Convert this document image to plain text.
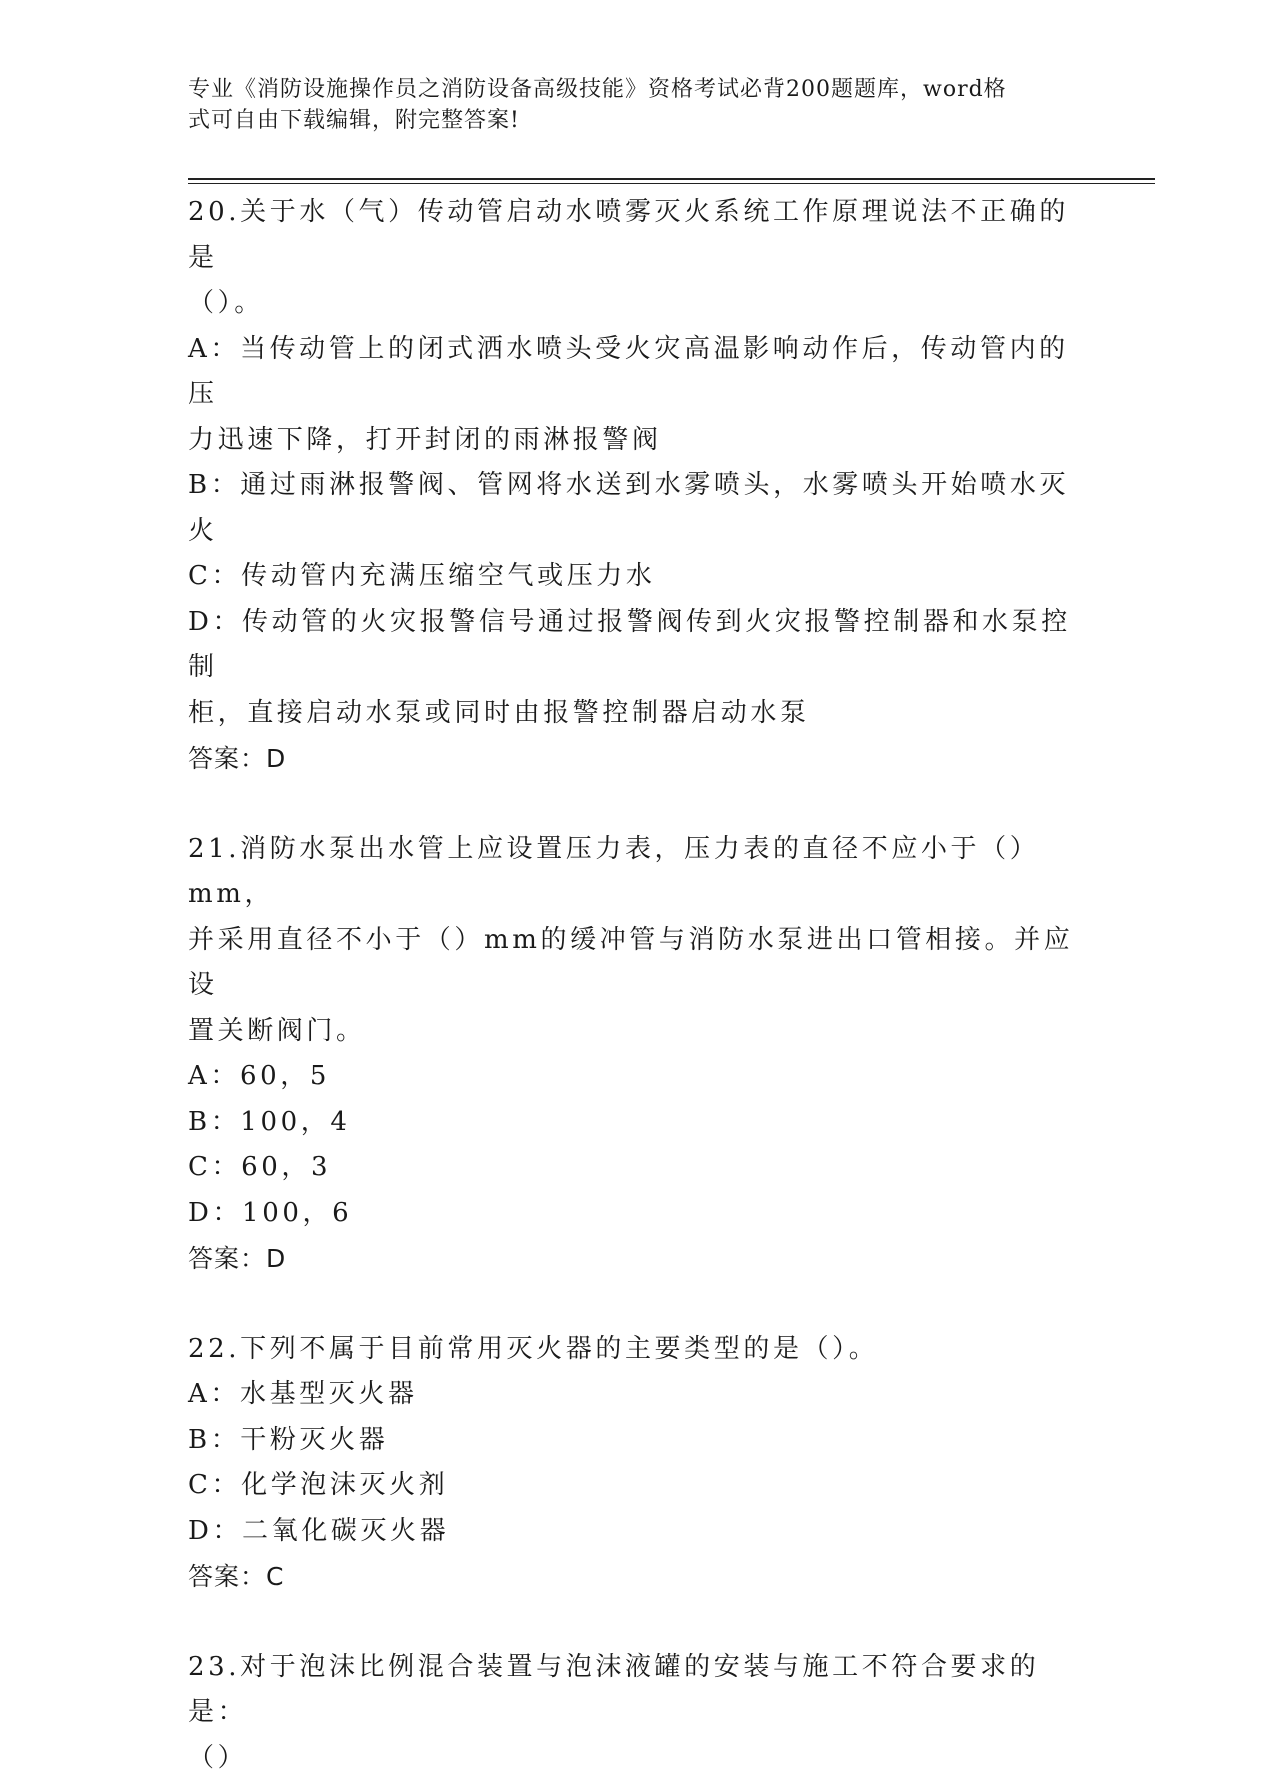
专业《消防设施操作员之消防设备高级技能》资格考试必背200题题库，word格
式可自由下载编辑，附完整答案!
20.关于水（气）传动管启动水喷雾灭火系统工作原理说法不正确的是
（）。
A：当传动管上的闭式洒水喷头受火灾高温影响动作后，传动管内的压
力迅速下降，打开封闭的雨淋报警阀
B：通过雨淋报警阀、管网将水送到水雾喷头，水雾喷头开始喷水灭火
C：传动管内充满压缩空气或压力水
D：传动管的火灾报警信号通过报警阀传到火灾报警控制器和水泵控制
柜，直接启动水泵或同时由报警控制器启动水泵
答案：D
21.消防水泵出水管上应设置压力表，压力表的直径不应小于（）mm，
并采用直径不小于（）mm的缓冲管与消防水泵进出口管相接。并应设
置关断阀门。
A：60，5
B：100，4
C：60，3
D：100，6
答案：D
22.下列不属于目前常用灭火器的主要类型的是（）。
A：水基型灭火器
B：干粉灭火器
C：化学泡沫灭火剂
D：二氧化碳灭火器
答案：C
23.对于泡沫比例混合装置与泡沫液罐的安装与施工不符合要求的是：
（）
